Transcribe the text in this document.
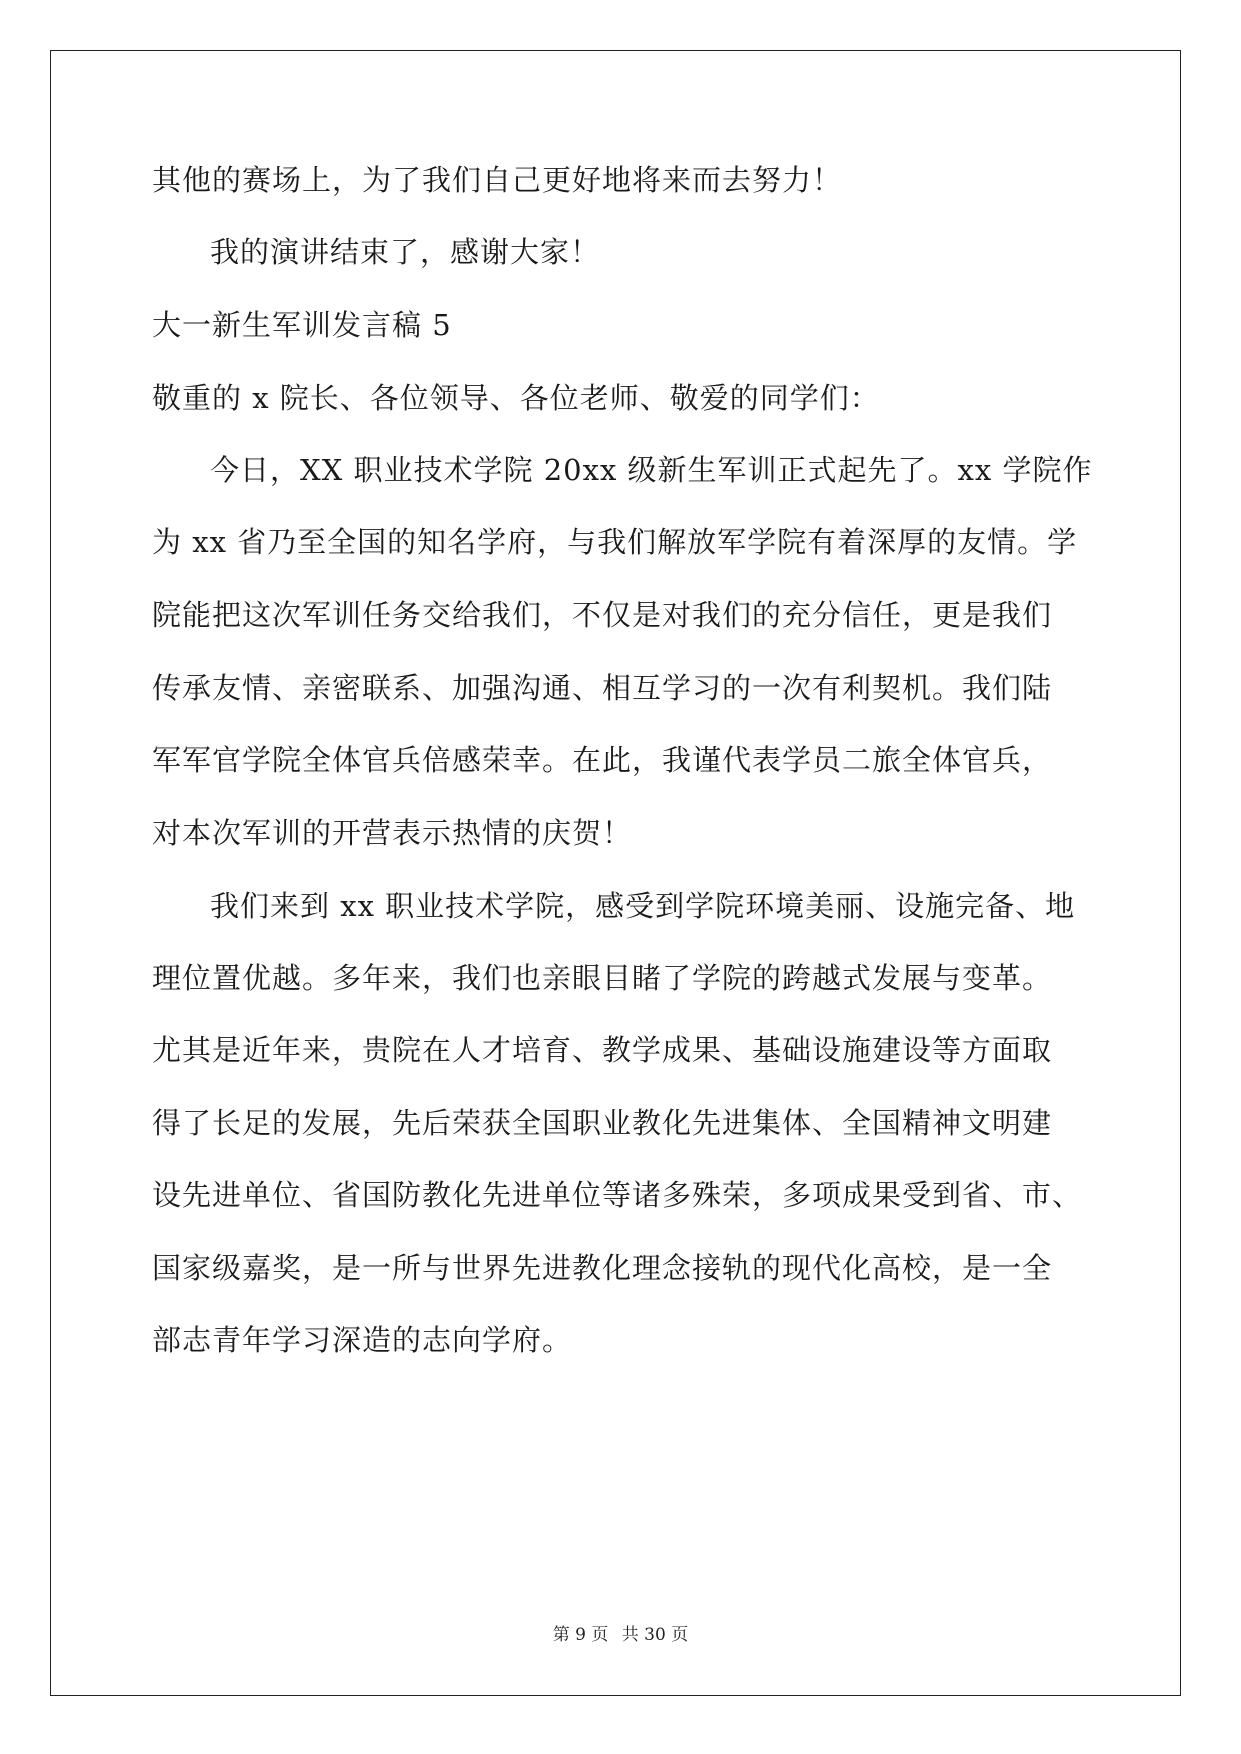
其他的赛场上，为了我们自己更好地将来而去努力！
我的演讲结束了，感谢大家！
大一新生军训发言稿 5
敬重的 x 院长、各位领导、各位老师、敬爱的同学们：
今日，XX 职业技术学院 20xx 级新生军训正式起先了。xx 学院作
为 xx 省乃至全国的知名学府，与我们解放军学院有着深厚的友情。学
院能把这次军训任务交给我们，不仅是对我们的充分信任，更是我们
传承友情、亲密联系、加强沟通、相互学习的一次有利契机。我们陆
军军官学院全体官兵倍感荣幸。在此，我谨代表学员二旅全体官兵，
对本次军训的开营表示热情的庆贺！
我们来到 xx 职业技术学院，感受到学院环境美丽、设施完备、地
理位置优越。多年来，我们也亲眼目睹了学院的跨越式发展与变革。
尤其是近年来，贵院在人才培育、教学成果、基础设施建设等方面取
得了长足的发展，先后荣获全国职业教化先进集体、全国精神文明建
设先进单位、省国防教化先进单位等诸多殊荣，多项成果受到省、市、
国家级嘉奖，是一所与世界先进教化理念接轨的现代化高校，是一全
部志青年学习深造的志向学府。
第 9 页 共 30 页
